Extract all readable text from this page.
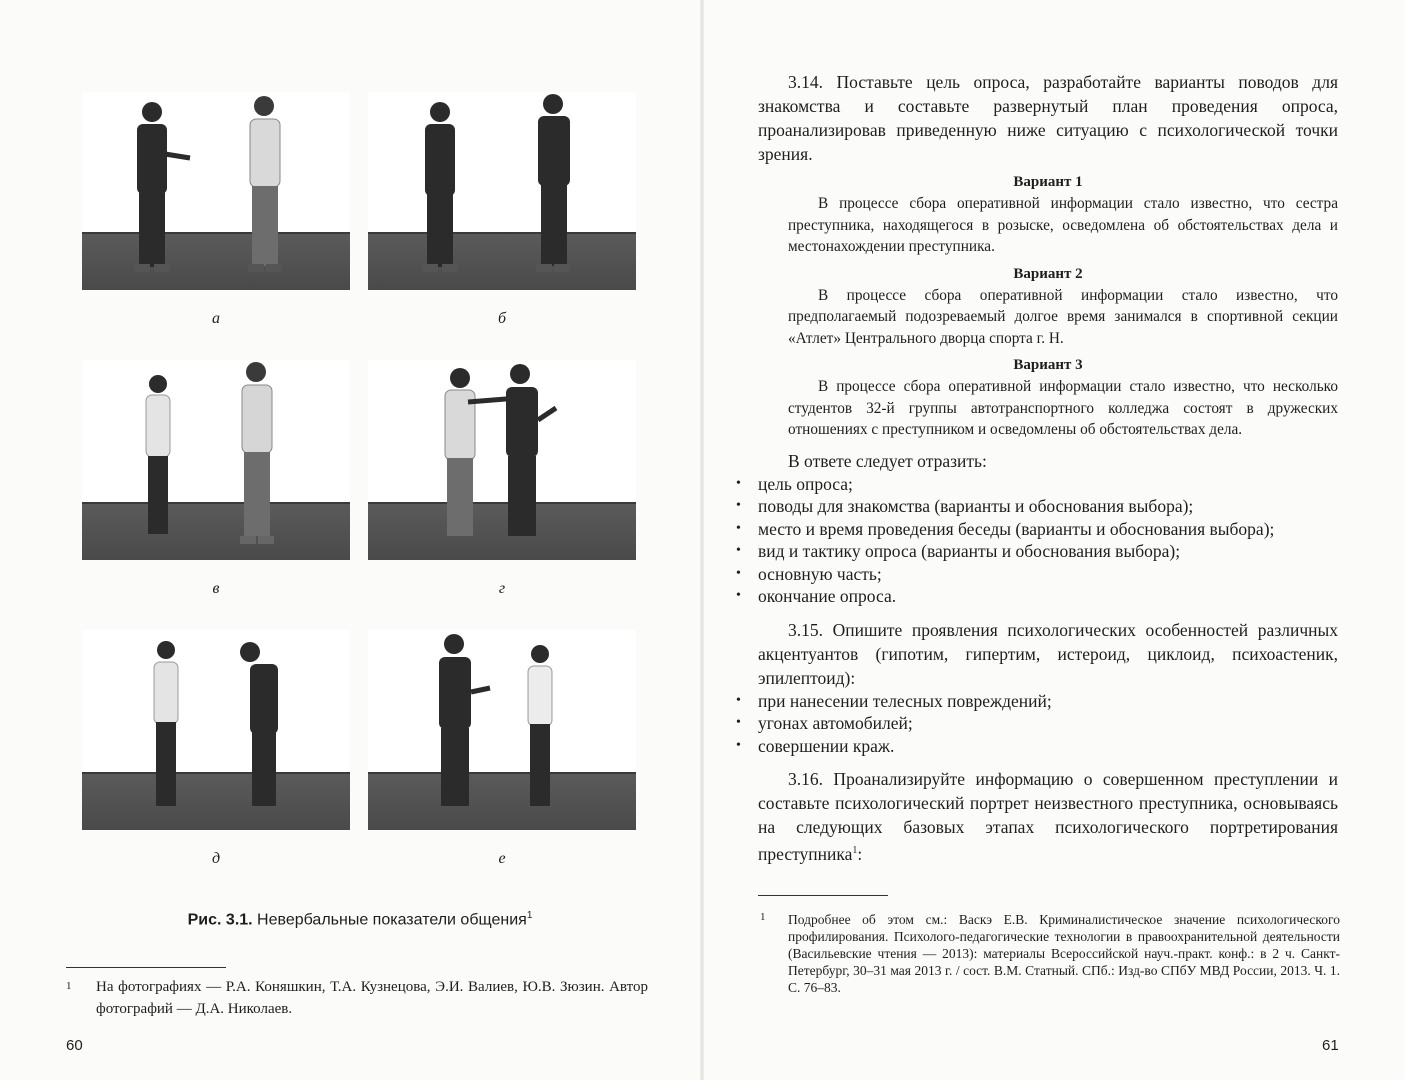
а	б
в	г
д	е
Рис. 3.1. Невербальные показатели общения$^1$
1 На фотографиях — Р.А. Коняшкин, Т.А. Кузнецова, Э.И. Валиев, Ю.В. Зюзин. Автор фотографий — Д.А. Николаев.
60

3.14. Поставьте цель опроса, разработайте варианты поводов для знакомства и составьте развернутый план проведения опроса, проанализировав приведенную ниже ситуацию с психологической точки зрения.

Вариант 1

В процессе сбора оперативной информации стало известно, что сестра преступника, находящегося в розыске, осведомлена об обстоятельствах дела и местонахождении преступника.

Вариант 2

В процессе сбора оперативной информации стало известно, что предполагаемый подозреваемый долгое время занимался в спортивной секции «Атлет» Центрального дворца спорта г. Н.

Вариант 3

В процессе сбора оперативной информации стало известно, что несколько студентов 32-й группы автотранспортного колледжа состоят в дружеских отношениях с преступником и осведомлены об обстоятельствах дела.

В ответе следует отразить:

• цель опроса;
• поводы для знакомства (варианты и обоснования выбора);
• место и время проведения беседы (варианты и обоснования выбора);
• вид и тактику опроса (варианты и обоснования выбора);
• основную часть;
• окончание опроса.

3.15. Опишите проявления психологических особенностей различных акцентуантов (гипотим, гипертим, истероид, циклоид, психоастеник, эпилептоид):

• при нанесении телесных повреждений;
• угонах автомобилей;
• совершении краж.

3.16. Проанализируйте информацию о совершенном преступлении и составьте психологический портрет неизвестного преступника, основываясь на следующих базовых этапах психологического портретирования преступника$^1$:

1 Подробнее об этом см.: Васкэ Е.В. Криминалистическое значение психологического профилирования. Психолого-педагогические технологии в правоохранительной деятельности (Васильевские чтения — 2013): материалы Всероссийской науч.-практ. конф.: в 2 ч. Санкт-Петербург, 30–31 мая 2013 г. / сост. В.М. Статный. СПб.: Изд-во СПбУ МВД России, 2013. Ч. 1. С. 76–83.
61
